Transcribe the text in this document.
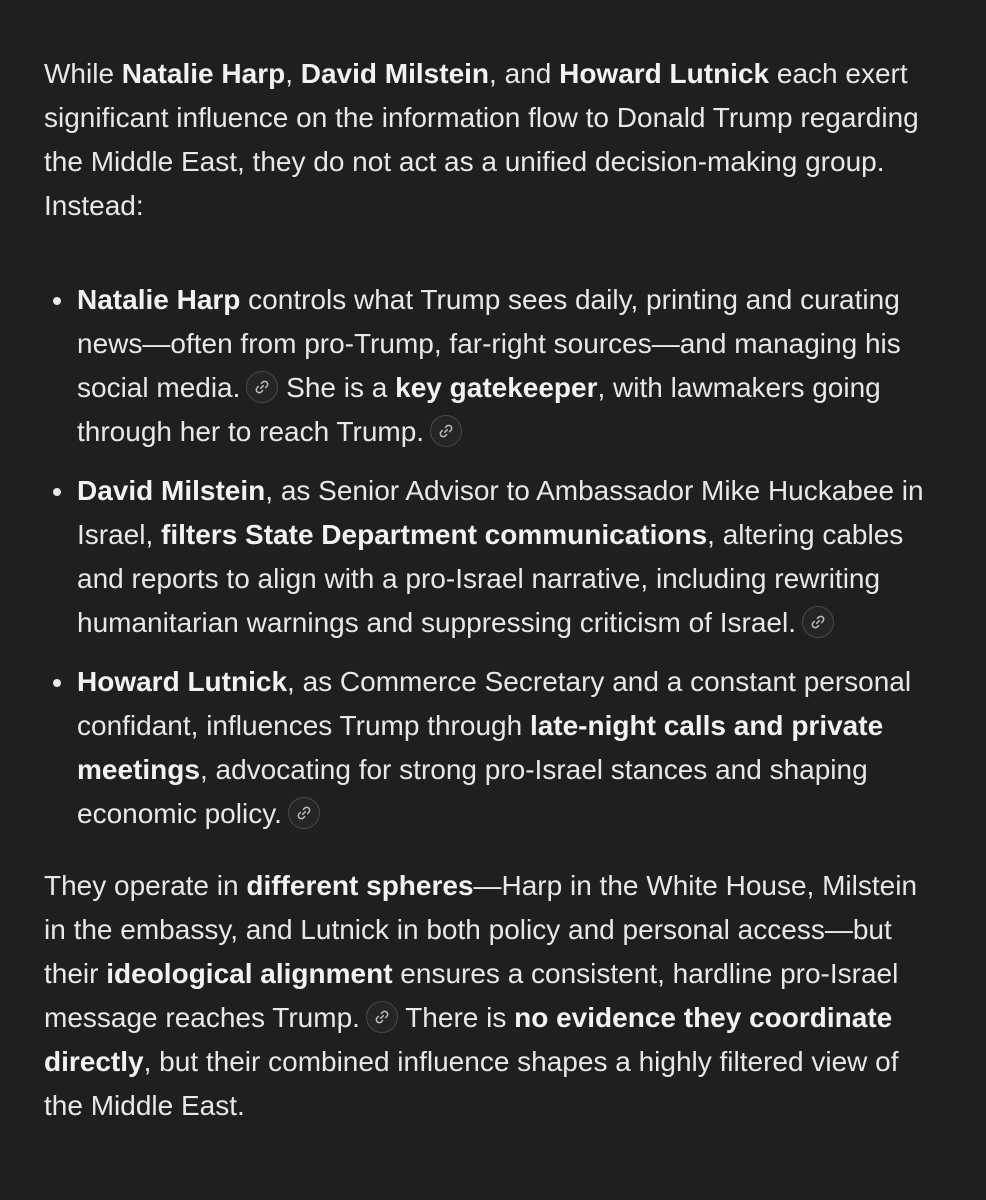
While Natalie Harp, David Milstein, and Howard Lutnick each exert significant influence on the information flow to Donald Trump regarding the Middle East, they do not act as a unified decision-making group. Instead:

Natalie Harp controls what Trump sees daily, printing and curating news—often from pro-Trump, far-right sources—and managing his social media.
She is a key gatekeeper, with lawmakers going through her to reach Trump.
David Milstein, as Senior Advisor to Ambassador Mike Huckabee in Israel, filters State Department communications, altering cables and reports to align with a pro-Israel narrative, including rewriting humanitarian warnings and suppressing criticism of Israel.
Howard Lutnick, as Commerce Secretary and a constant personal confidant, influences Trump through late-night calls and private meetings, advocating for strong pro-Israel stances and shaping economic policy.

They operate in different spheres—Harp in the White House, Milstein in the embassy, and Lutnick in both policy and personal access—but their ideological alignment ensures a consistent, hardline pro-Israel message reaches Trump.
There is no evidence they coordinate directly, but their combined influence shapes a highly filtered view of the Middle East.
